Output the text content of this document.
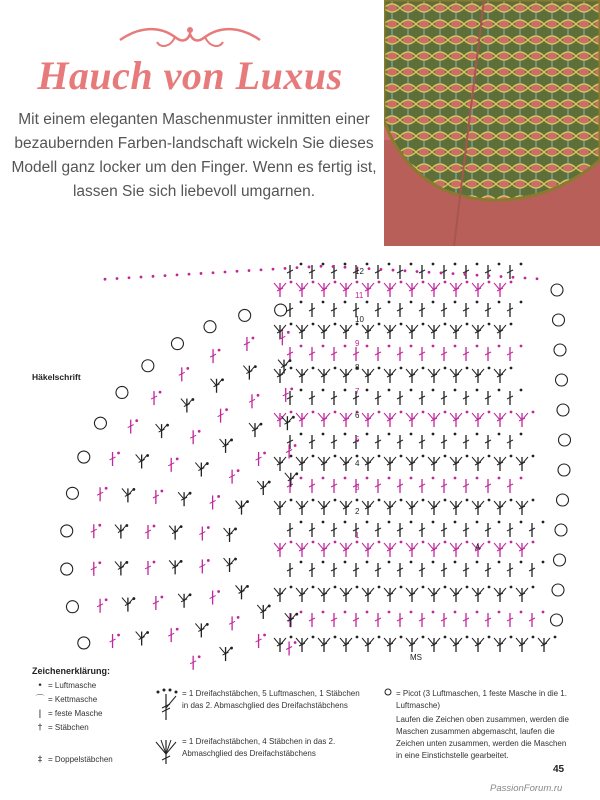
Hauch von Luxus

Mit einem eleganten Maschenmuster inmitten einer bezaubernden Farben-landschaft wickeln Sie dieses Modell ganz locker um den Finger. Wenn es fertig ist, lassen Sie sich liebevoll umgarnen.

Häkelschrift
12
11
10
9
8
7
6
5
4
3
2
1
A
MS
Zeichenerklärung:
• = Luftmasche
⌒ = Kettmasche
ǀ = feste Masche
† = Stäbchen
‡ = Doppelstäbchen
= 1 Dreifachstäbchen, 5 Luftmaschen, 1 Stäbchen in das 2. Abmaschglied des Dreifachstäbchens
= 1 Dreifachstäbchen, 4 Stäbchen in das 2. Abmaschglied des Dreifachstäbchens
= Picot (3 Luftmaschen, 1 feste Masche in die 1. Luftmasche)
Laufen die Zeichen oben zusammen, werden die Maschen zusammen abgemascht, laufen die Zeichen unten zusammen, werden die Maschen in eine Einstichstelle gearbeitet.
45
PassionForum.ru
